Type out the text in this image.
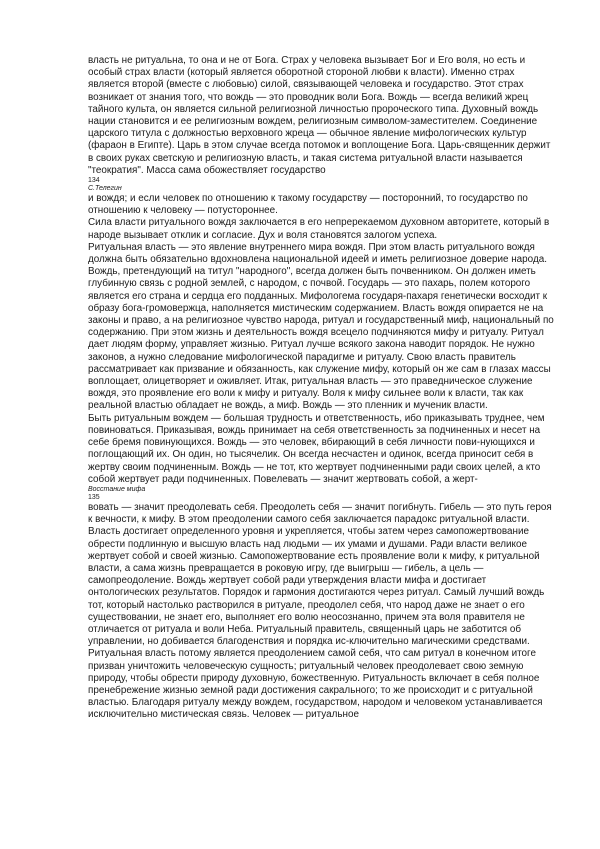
власть не ритуальна, то она и не от Бога. Страх у человека вызывает Бог и Его воля, но есть и особый страх власти (который является оборотной стороной любви к власти). Именно страх является второй (вместе с любовью) силой, связывающей человека и государство. Этот страх возникает от знания того, что вождь — это проводник воли Бога. Вождь — всегда великий жрец тайного культа, он является сильной религиозной личностью пророческого типа. Духовный вождь нации становится и ее религиозным вождем, религиозным символом-заместителем. Соединение царского титула с должностью верховного жреца — обычное явление мифологических культур (фараон в Египте). Царь в этом случае всегда потомок и воплощение Бога. Царь-священник держит в своих руках светскую и религиозную власть, и такая система ритуальной власти называется "теократия". Масса сама обожествляет государство

134

С.Телегин

и вождя; и если человек по отношению к такому государству — посторонний, то государство по отношению к человеку — потустороннее.

Сила власти ритуального вождя заключается в его непререкаемом духовном авторитете, который в народе вызывает отклик и согласие. Дух и воля становятся залогом успеха.

Ритуальная власть — это явление внутреннего мира вождя. При этом власть ритуального вождя должна быть обязательно вдохновлена национальной идеей и иметь религиозное доверие народа. Вождь, претендующий на титул "народного", всегда должен быть почвенником. Он должен иметь глубинную связь с родной землей, с народом, с почвой. Государь — это пахарь, полем которого является его страна и сердца его подданных. Мифологема государя-пахаря генетически восходит к образу бога-громовержца, наполняется мистическим содержанием. Власть вождя опирается не на законы и право, а на религиозное чувство народа, ритуал и государственный миф, национальный по содержанию. При этом жизнь и деятельность вождя всецело подчиняются мифу и ритуалу. Ритуал дает людям форму, управляет жизнью. Ритуал лучше всякого закона наводит порядок. Не нужно законов, а нужно следование мифологической парадигме и ритуалу. Свою власть правитель рассматривает как призвание и обязанность, как служение мифу, который он же сам в глазах массы воплощает, олицетворяет и оживляет. Итак, ритуальная власть — это праведническое служение вождя, это проявление его воли к мифу и ритуалу. Воля к мифу сильнее воли к власти, так как реальной властью обладает не вождь, а миф. Вождь — это пленник и мученик власти.

Быть ритуальным вождем — большая трудность и ответственность, ибо приказывать труднее, чем повиноваться. Приказывая, вождь принимает на себя ответственность за подчиненных и несет на себе бремя повинующихся. Вождь — это человек, вбирающий в себя личности пови-нующихся и поглощающий их. Он один, но тысячелик. Он всегда несчастен и одинок, всегда приносит себя в жертву своим подчиненным. Вождь — не тот, кто жертвует подчиненными ради своих целей, а кто собой жертвует ради подчиненных. Повелевать — значит жертвовать собой, а жерт-

Восстание мифа

135

вовать — значит преодолевать себя. Преодолеть себя — значит погибнуть. Гибель — это путь героя к вечности, к мифу. В этом преодолении самого себя заключается парадокс ритуальной власти. Власть достигает определенного уровня и укрепляется, чтобы затем через самопожертвование обрести подлинную и высшую власть над людьми — их умами и душами. Ради власти великое жертвует собой и своей жизнью. Самопожертвование есть проявление воли к мифу, к ритуальной власти, а сама жизнь превращается в роковую игру, где выигрыш — гибель, а цель — самопреодоление. Вождь жертвует собой ради утверждения власти мифа и достигает онтологических результатов. Порядок и гармония достигаются через ритуал. Самый лучший вождь тот, который настолько растворился в ритуале, преодолел себя, что народ даже не знает о его существовании, не знает его, выполняет его волю неосознанно, причем эта воля правителя не отличается от ритуала и воли Неба. Ритуальный правитель, священный царь не заботится об управлении, но добивается благоденствия и порядка ис-ключительно магическими средствами.

Ритуальная власть потому является преодолением самой себя, что сам ритуал в конечном итоге призван уничтожить человеческую сущность; ритуальный человек преодолевает свою земную природу, чтобы обрести природу духовную, божественную. Ритуальность включает в себя полное пренебрежение жизнью земной ради достижения сакрального; то же происходит и с ритуальной властью. Благодаря ритуалу между вождем, государством, народом и человеком устанавливается исключительно мистическая связь. Человек — ритуальное
